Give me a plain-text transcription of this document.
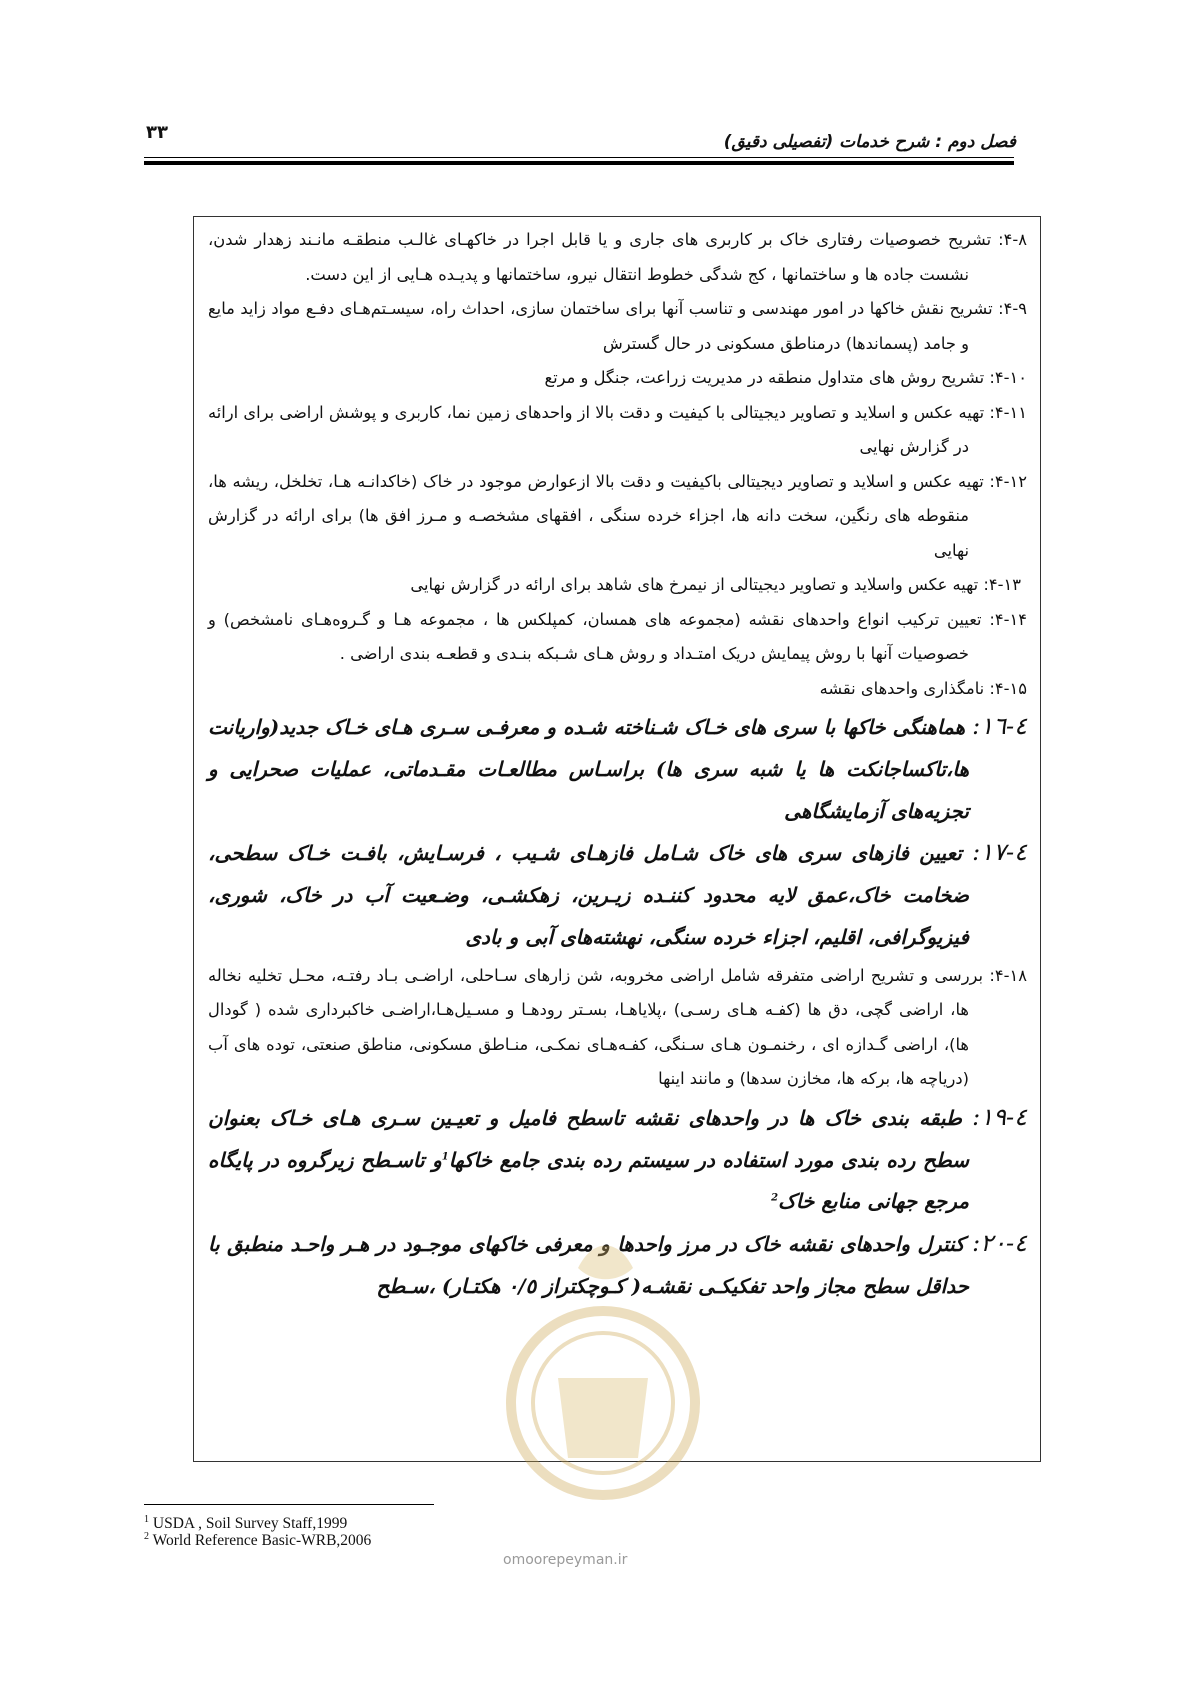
۳۳	فصل دوم : شرح خدمات (تفصیلی دقیق)
۴-۸: تشریح خصوصیات رفتاری خاک بر کاربری های جاری و یا قابل اجرا در خاکهـای غالـب منطقـه مانـند زهدار شدن، نشست جاده ها و ساختمانها ، کج شدگی خطوط انتقال نیرو، ساختمانها و پدیـده هـایی از این دست.
۴-۹: تشریح نقش خاکها در امور مهندسی و تناسب آنها برای ساختمان سازی، احداث راه، سیسـتم‌هـای دفـع مواد زاید مایع و جامد (پسماندها) درمناطق مسکونی در حال گسترش
۴-۱۰: تشریح روش های متداول منطقه در مدیریت زراعت، جنگل و مرتع
۴-۱۱: تهیه عکس و اسلاید و تصاویر دیجیتالی با کیفیت و دقت بالا از واحدهای زمین نما، کاربری و پوشش اراضی برای ارائه در گزارش نهایی
۴-۱۲: تهیه عکس و اسلاید و تصاویر دیجیتالی باکیفیت و دقت بالا ازعوارض موجود در خاک (خاکدانـه هـا، تخلخل، ریشه ها، منقوطه های رنگین، سخت دانه ها، اجزاء خرده سنگی ، افقهای مشخصـه و مـرز افق ها) برای ارائه در گزارش نهایی
۴-۱۳: تهیه عکس واسلاید و تصاویر دیجیتالی از نیمرخ های شاهد برای ارائه در گزارش نهایی
۴-۱۴: تعیین ترکیب انواع واحدهای نقشه (مجموعه های همسان، کمپلکس ها ، مجموعه هـا و گـروه‌هـای نامشخص) و خصوصیات آنها با روش پیمایش دریک امتـداد و روش هـای شـبکه بنـدی و قطعـه بندی اراضی .
۴-۱۵: نامگذاری واحدهای نقشه
٤-١٦: هماهنگی خاکها با سری های خـاک شـناخته شـده و معرفـی سـری هـای خـاک جدید(واریانت ها،تاکساجانکت ها یا شبه سری ها) براسـاس مطالعـات مقـدماتی، عملیات صحرایی و تجزیه‌های آزمایشگاهی
٤-١٧: تعیین فازهای سری های خاک شـامل فازهـای شـیب ، فرسـایش، بافـت خـاک سطحی، ضخامت خاک،عمق لایه محدود کننـده زیـرین، زهکشـی، وضـعیت آب در خاک، شوری، فیزیوگرافی، اقلیم، اجزاء خرده سنگی، نهشته‌های آبی و بادی
۴-۱۸: بررسی و تشریح اراضی متفرقه شامل اراضی مخروبه، شن زارهای سـاحلی، اراضـی بـاد رفتـه، محـل تخلیه نخاله ها، اراضی گچی، دق ها (کفـه هـای رسـی) ،پلایاهـا، بسـتر رودهـا و مسـیل‌هـا،اراضـی خاکبرداری شده ( گودال ها)، اراضی گـدازه ای ، رخنمـون هـای سـنگی، کفـه‌هـای نمکـی، منـاطق مسکونی، مناطق صنعتی، توده های آب (دریاچه ها، برکه ها، مخازن سدها) و مانند اینها
٤-١٩: طبقه بندی خاک ها در واحدهای نقشه تاسطح فامیل و تعیـین سـری هـای خـاک بعنوان سطح رده بندی مورد استفاده در سیستم رده بندی جامع خاکها$^1$و تاسـطح زیرگروه در پایگاه مرجع جهانی منابع خاک$^2$
٤-٢٠: کنترل واحدهای نقشه خاک در مرز واحدها و معرفی خاکهای موجـود در هـر واحـد منطبق با حداقل سطح مجاز واحد تفکیکـی نقشـه( کـوچکتراز ٠/٥ هکتـار) ،سـطح
omoorepeyman.ir
$^1$ USDA , Soil Survey Staff,1999
$^2$ World Reference Basic-WRB,2006
